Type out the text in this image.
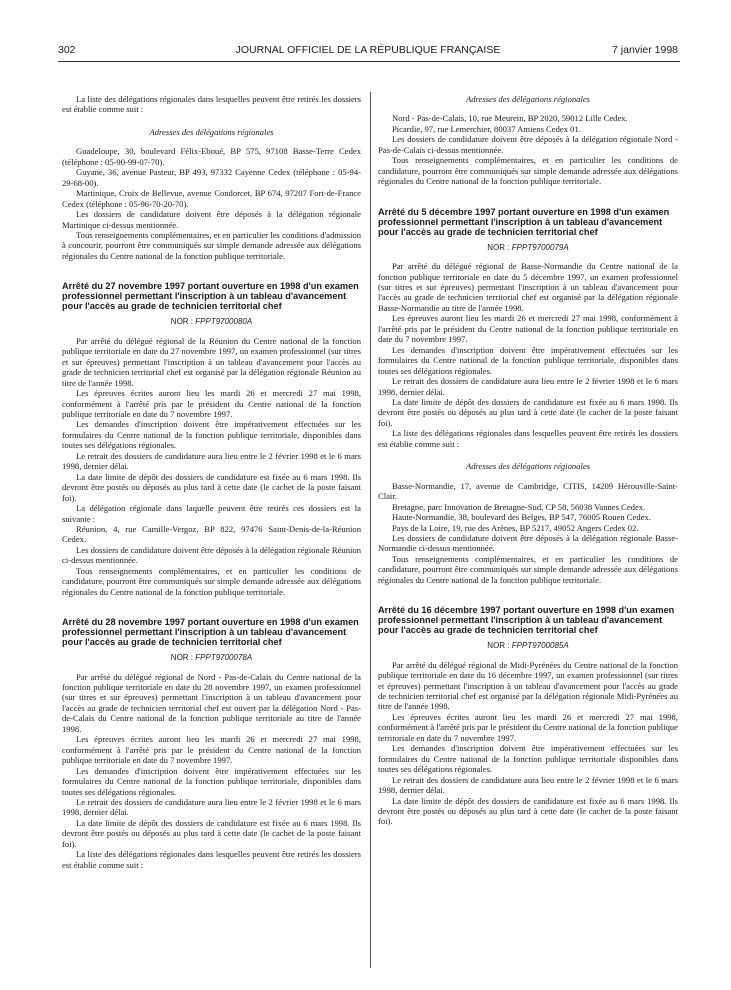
302	JOURNAL OFFICIEL DE LA RÉPUBLIQUE FRANÇAISE	7 janvier 1998

La liste des délégations régionales dans lesquelles peuvent être retirés les dossiers est établie comme suit :

Adresses des délégations régionales

Guadeloupe, 30, boulevard Félix-Eboué, BP 575, 97108 Basse-Terre Cedex (téléphone : 05-90-99-07-70).

Guyane, 36, avenue Pasteur, BP 493, 97332 Cayenne Cedex (téléphone : 05-94-29-68-00).

Martinique, Croix de Bellevue, avenue Condorcet, BP 674, 97207 Fort-de-France Cedex (téléphone : 05-96-70-20-70).

Les dossiers de candidature doivent être déposés à la délégation régionale Martinique ci-dessus mentionnée.

Tous renseignements complémentaires, et en particulier les conditions d'admission à concourir, pourront être communiqués sur simple demande adressée aux délégations régionales du Centre national de la fonction publique territoriale.

Arrêté du 27 novembre 1997 portant ouverture en 1998 d'un examen professionnel permettant l'inscription à un tableau d'avancement pour l'accès au grade de technicien territorial chef
NOR : FPPT9700080A

Par arrêté du délégué régional de la Réunion du Centre national de la fonction publique territoriale en date du 27 novembre 1997, un examen professionnel (sur titres et sur épreuves) permettant l'inscription à un tableau d'avancement pour l'accès au grade de technicien territorial chef est organisé par la délégation régionale Réunion au titre de l'année 1998.

Les épreuves écrites auront lieu les mardi 26 et mercredi 27 mai 1998, conformément à l'arrêté pris par le président du Centre national de la fonction publique territoriale en date du 7 novembre 1997.

Les demandes d'inscription doivent être impérativement effectuées sur les formulaires du Centre national de la fonction publique territoriale, disponibles dans toutes ses délégations régionales.

Le retrait des dossiers de candidature aura lieu entre le 2 février 1998 et le 6 mars 1998, dernier délai.

La date limite de dépôt des dossiers de candidature est fixée au 6 mars 1998. Ils devront être postés ou déposés au plus tard à cette date (le cachet de la poste faisant foi).

La délégation régionale dans laquelle peuvent être retirés ces dossiers est la suivante :

Réunion, 4, rue Camille-Vergoz, BP 822, 97476 Saint-Denis-de-la-Réunion Cedex.

Les dossiers de candidature doivent être déposés à la délégation régionale Réunion ci-dessus mentionnée.

Tous renseignements complémentaires, et en particulier les conditions de candidature, pourront être communiqués sur simple demande adressée aux délégations régionales du Centre national de la fonction publique territoriale.

Arrêté du 28 novembre 1997 portant ouverture en 1998 d'un examen professionnel permettant l'inscription à un tableau d'avancement pour l'accès au grade de technicien territorial chef
NOR : FPPT9700078A

Par arrêté du délégué régional de Nord - Pas-de-Calais du Centre national de la fonction publique territoriale en date du 28 novembre 1997, un examen professionnel (sur titres et sur épreuves) permettant l'inscription à un tableau d'avancement pour l'accès au grade de technicien territorial chef est ouvert par la délégation Nord - Pas-de-Calais du Centre national de la fonction publique territoriale au titre de l'année 1998.

Les épreuves écrites auront lieu les mardi 26 et mercredi 27 mai 1998, conformément à l'arrêté pris par le président du Centre national de la fonction publique territoriale en date du 7 novembre 1997.

Les demandes d'inscription doivent être impérativement effectuées sur les formulaires du Centre national de la fonction publique territoriale, disponibles dans toutes ses délégations régionales.

Le retrait des dossiers de candidature aura lieu entre le 2 février 1998 et le 6 mars 1998, dernier délai.

La date limite de dépôt des dossiers de candidature est fixée au 6 mars 1998. Ils devront être postés ou déposés au plus tard à cette date (le cachet de la poste faisant foi).

La liste des délégations régionales dans lesquelles peuvent être retirés les dossiers est établie comme suit :

Adresses des délégations régionales

Nord - Pas-de-Calais, 10, rue Meurein, BP 2020, 59012 Lille Cedex.

Picardie, 97, rue Lemerchier, 80037 Amiens Cedex 01.

Les dossiers de candidature doivent être déposés à la délégation régionale Nord - Pas-de-Calais ci-dessus mentionnée.

Tous renseignements complémentaires, et en particulier les conditions de candidature, pourront être communiqués sur simple demande adressée aux délégations régionales du Centre national de la fonction publique territoriale.

Arrêté du 5 décembre 1997 portant ouverture en 1998 d'un examen professionnel permettant l'inscription à un tableau d'avancement pour l'accès au grade de technicien territorial chef
NOR : FPPT9700079A

Par arrêté du délégué régional de Basse-Normandie du Centre national de la fonction publique territoriale en date du 5 décembre 1997, un examen professionnel (sur titres et sur épreuves) permettant l'inscription à un tableau d'avancement pour l'accès au grade de technicien territorial chef est organisé par la délégation régionale Basse-Normandie au titre de l'année 1998.

Les épreuves auront lieu les mardi 26 et mercredi 27 mai 1998, conformément à l'arrêté pris par le président du Centre national de la fonction publique territoriale en date du 7 novembre 1997.

Les demandes d'inscription doivent être impérativement effectuées sur les formulaires du Centre national de la fonction publique territoriale, disponibles dans toutes ses délégations régionales.

Le retrait des dossiers de candidature aura lieu entre le 2 février 1998 et le 6 mars 1998, dernier délai.

La date limite de dépôt des dossiers de candidature est fixée au 6 mars 1998. Ils devront être postés ou déposés au plus tard à cette date (le cachet de la poste faisant foi).

La liste des délégations régionales dans lesquelles peuvent être retirés les dossiers est établie comme suit :

Adresses des délégations régionales

Basse-Normandie, 17, avenue de Cambridge, CITIS, 14209 Hérouville-Saint-Clair.

Bretagne, parc Innovation de Bretagne-Sud, CP 58, 56038 Vannes Cedex.

Haute-Normandie, 38, boulevard des Belges, BP 547, 76005 Rouen Cedex.

Pays de la Loire, 19, rue des Arènes, BP 5217, 49052 Angers Cedex 02.

Les dossiers de candidature doivent être déposés à la délégation régionale Basse-Normandie ci-dessus mentionnée.

Tous renseignements complémentaires, et en particulier les conditions de candidature, pourront être communiqués sur simple demande adressée aux délégations régionales du Centre national de la fonction publique territoriale.

Arrêté du 16 décembre 1997 portant ouverture en 1998 d'un examen professionnel permettant l'inscription à un tableau d'avancement pour l'accès au grade de technicien territorial chef
NOR : FPPT9700085A

Par arrêté du délégué régional de Midi-Pyrénées du Centre national de la fonction publique territoriale en date du 16 décembre 1997, un examen professionnel (sur titres et épreuves) permettant l'inscription à un tableau d'avancement pour l'accès au grade de technicien territorial chef est organisé par la délégation régionale Midi-Pyrénées au titre de l'année 1998.

Les épreuves écrites auront lieu les mardi 26 et mercredi 27 mai 1998, conformément à l'arrêté pris par le président du Centre national de la fonction publique territoriale en date du 7 novembre 1997.

Les demandes d'inscription doivent être impérativement effectuées sur les formulaires du Centre national de la fonction publique territoriale disponibles dans toutes ses délégations régionales.

Le retrait des dossiers de candidature aura lieu entre le 2 février 1998 et le 6 mars 1998, dernier délai.

La date limite de dépôt des dossiers de candidature est fixée au 6 mars 1998. Ils devront être postés ou déposés au plus tard à cette date (le cachet de la poste faisant foi).
